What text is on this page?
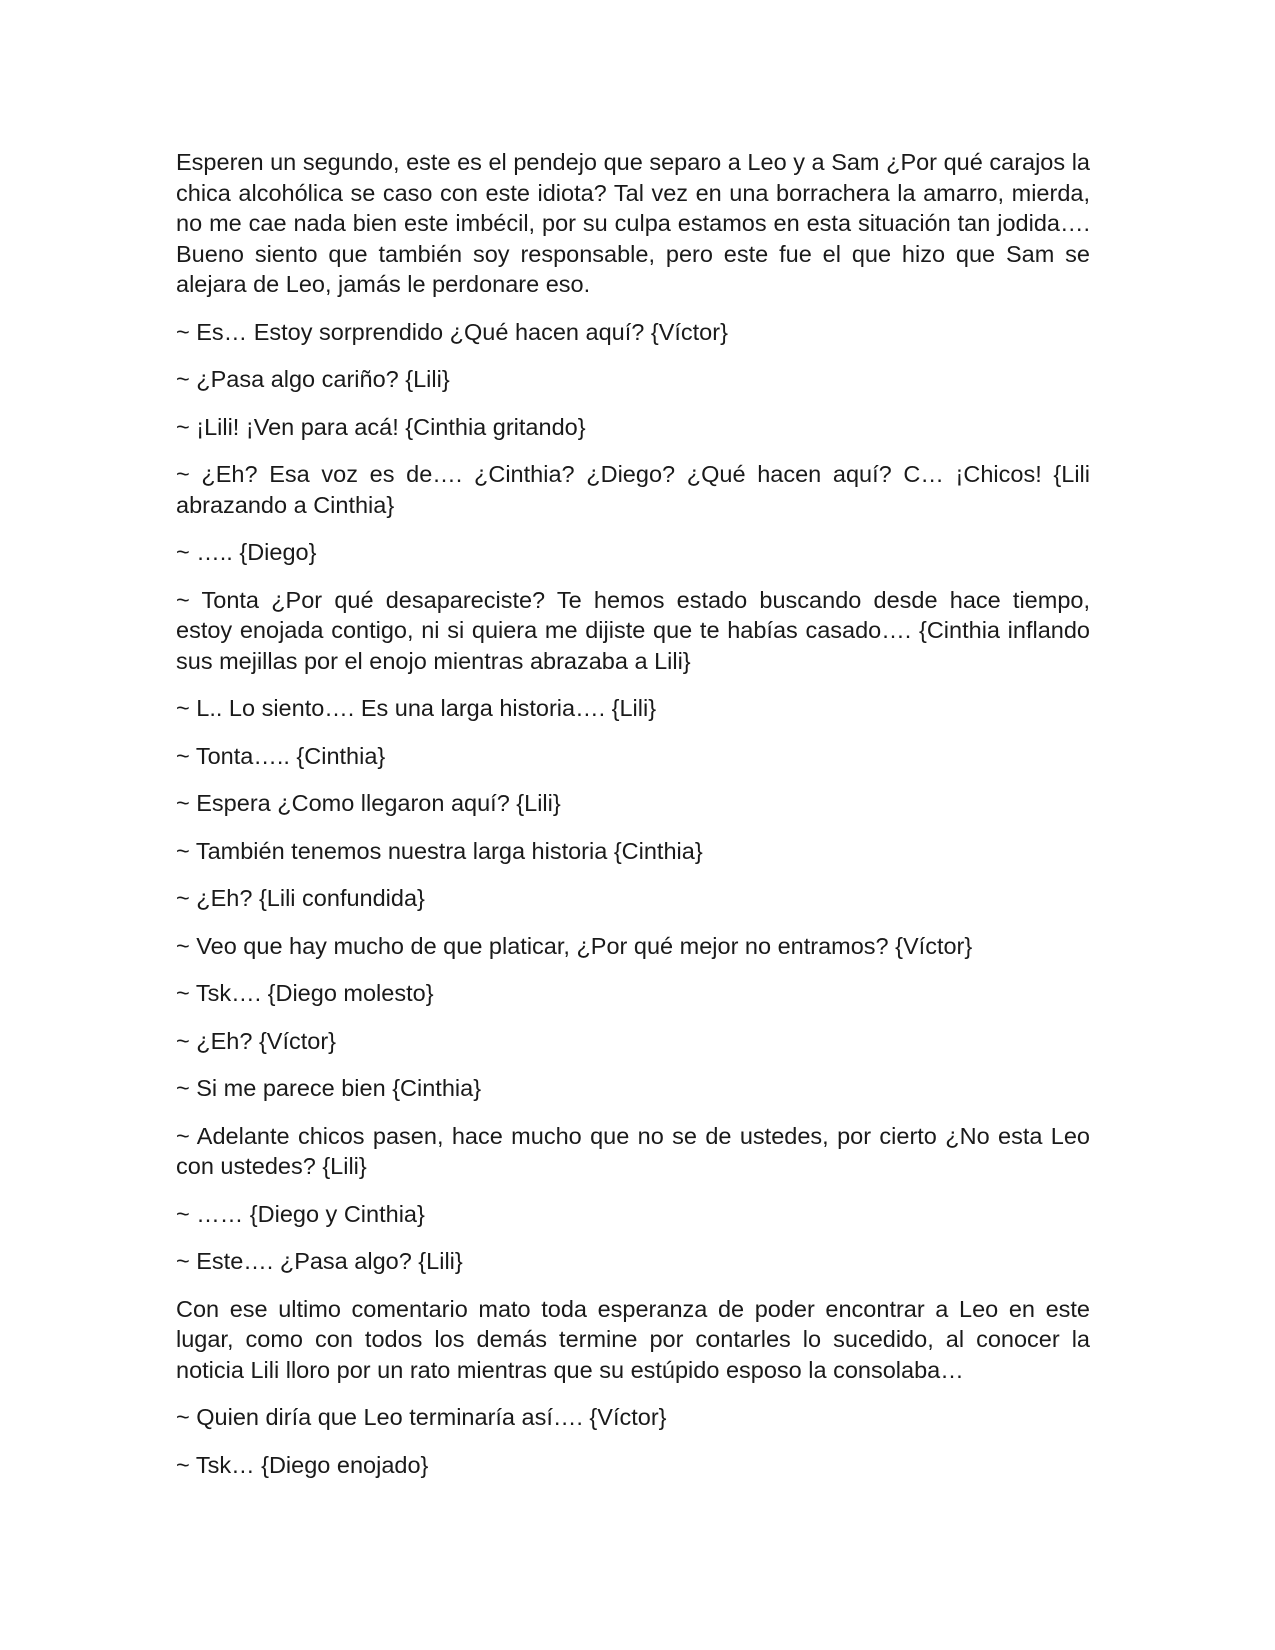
Esperen un segundo, este es el pendejo que separo a Leo y a Sam ¿Por qué carajos la chica alcohólica se caso con este idiota? Tal vez en una borrachera la amarro, mierda, no me cae nada bien este imbécil, por su culpa estamos en esta situación tan jodida…. Bueno siento que también soy responsable, pero este fue el que hizo que Sam se alejara de Leo, jamás le perdonare eso.

~ Es… Estoy sorprendido ¿Qué hacen aquí? {Víctor}

~ ¿Pasa algo cariño? {Lili}

~ ¡Lili! ¡Ven para acá! {Cinthia gritando}

~ ¿Eh? Esa voz es de…. ¿Cinthia? ¿Diego? ¿Qué hacen aquí? C… ¡Chicos! {Lili abrazando a Cinthia}

~ ….. {Diego}

~ Tonta ¿Por qué desapareciste? Te hemos estado buscando desde hace tiempo, estoy enojada contigo, ni si quiera me dijiste que te habías casado…. {Cinthia inflando sus mejillas por el enojo mientras abrazaba a Lili}

~ L.. Lo siento…. Es una larga historia…. {Lili}

~ Tonta….. {Cinthia}

~ Espera ¿Como llegaron aquí? {Lili}

~ También tenemos nuestra larga historia {Cinthia}

~ ¿Eh? {Lili confundida}

~ Veo que hay mucho de que platicar, ¿Por qué mejor no entramos? {Víctor}

~ Tsk…. {Diego molesto}

~ ¿Eh? {Víctor}

~ Si me parece bien {Cinthia}

~ Adelante chicos pasen, hace mucho que no se de ustedes, por cierto ¿No esta Leo con ustedes? {Lili}

~ …… {Diego y Cinthia}

~ Este…. ¿Pasa algo? {Lili}

Con ese ultimo comentario mato toda esperanza de poder encontrar a Leo en este lugar, como con todos los demás termine por contarles lo sucedido, al conocer la noticia Lili lloro por un rato mientras que su estúpido esposo la consolaba…

~ Quien diría que Leo terminaría así…. {Víctor}

~ Tsk… {Diego enojado}
